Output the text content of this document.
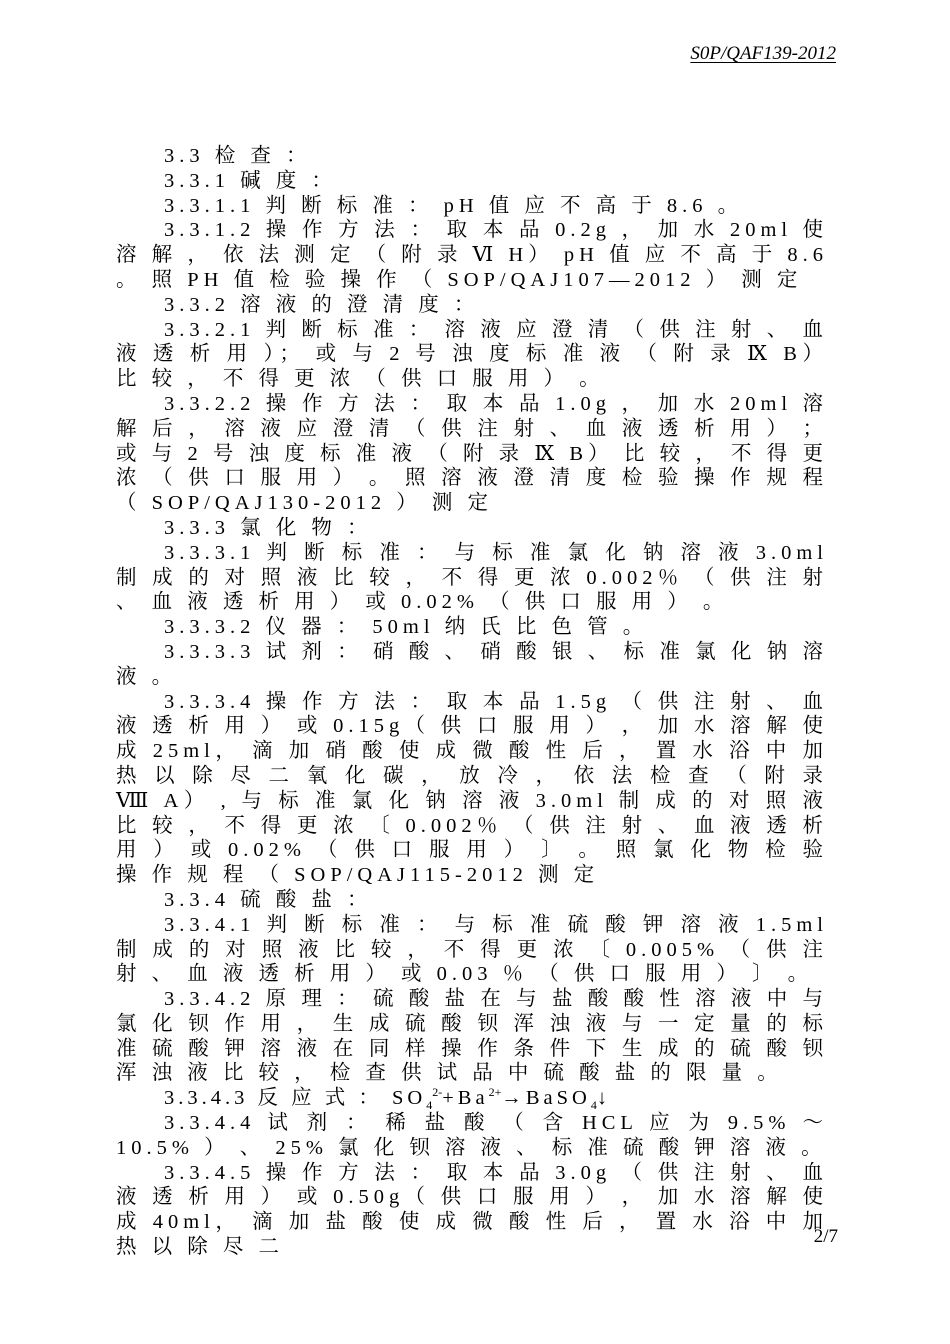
S0P/QAF139-2012

3.3 检 查 ：

3.3.1 碱 度 ：

3.3.1.1 判 断 标 准 ： pH 值 应 不 高 于 8.6 。

3.3.1.2 操 作 方 法 ： 取 本 品 0.2g ， 加 水 20ml 使 溶 解 ， 依 法 测 定 （ 附 录 Ⅵ H） pH 值 应 不 高 于 8.6 。 照 PH 值 检 验 操 作 （ SOP/QAJ107—2012 ） 测 定

3.3.2 溶 液 的 澄 清 度 ：

3.3.2.1 判 断 标 准 ： 溶 液 应 澄 清 （ 供 注 射 、 血 液 透 析 用 ）； 或 与 2 号 浊 度 标 准 液 （ 附 录 Ⅸ B） 比 较 ， 不 得 更 浓 （ 供 口 服 用 ） 。

3.3.2.2 操 作 方 法 ： 取 本 品 1.0g ， 加 水 20ml 溶 解 后 ， 溶 液 应 澄 清 （ 供 注 射 、 血 液 透 析 用 ） ； 或 与 2 号 浊 度 标 准 液 （ 附 录 Ⅸ B） 比 较 ， 不 得 更 浓 （ 供 口 服 用 ） 。 照 溶 液 澄 清 度 检 验 操 作 规 程 （ SOP/QAJ130-2012 ） 测 定

3.3.3 氯 化 物 ：

3.3.3.1 判 断 标 准 ： 与 标 准 氯 化 钠 溶 液 3.0ml 制 成 的 对 照 液 比 较 ， 不 得 更 浓 0.002％ （ 供 注 射 、 血 液 透 析 用 ） 或 0.02% （ 供 口 服 用 ） 。

3.3.3.2 仪 器 ： 50ml 纳 氏 比 色 管 。

3.3.3.3 试 剂 ： 硝 酸 、 硝 酸 银 、 标 准 氯 化 钠 溶 液 。

3.3.3.4 操 作 方 法 ： 取 本 品 1.5g （ 供 注 射 、 血 液 透 析 用 ） 或 0.15g（ 供 口 服 用 ） ， 加 水 溶 解 使 成 25ml， 滴 加 硝 酸 使 成 微 酸 性 后 ， 置 水 浴 中 加 热 以 除 尽 二 氧 化 碳 ， 放 冷 ， 依 法 检 查 （ 附 录 Ⅷ A） , 与 标 准 氯 化 钠 溶 液 3.0ml 制 成 的 对 照 液 比 较 ， 不 得 更 浓 〔 0.002％ （ 供 注 射 、 血 液 透 析 用 ） 或 0.02% （ 供 口 服 用 ） 〕 。 照 氯 化 物 检 验 操 作 规 程 （ SOP/QAJ115-2012 测 定

3.3.4 硫 酸 盐 ：

3.3.4.1 判 断 标 准 ： 与 标 准 硫 酸 钾 溶 液 1.5ml 制 成 的 对 照 液 比 较 ， 不 得 更 浓 〔 0.005% （ 供 注 射 、 血 液 透 析 用 ） 或 0.03 ％ （ 供 口 服 用 ） 〕 。

3.3.4.2 原 理 ： 硫 酸 盐 在 与 盐 酸 酸 性 溶 液 中 与 氯 化 钡 作 用 ， 生 成 硫 酸 钡 浑 浊 液 与 一 定 量 的 标 准 硫 酸 钾 溶 液 在 同 样 操 作 条 件 下 生 成 的 硫 酸 钡 浑 浊 液 比 较 ， 检 查 供 试 品 中 硫 酸 盐 的 限 量 。

3.3.4.3 反 应 式 ： $SO_4^{2-}+Ba^{2+}\to BaSO_4↓$

3.3.4.4 试 剂 ： 稀 盐 酸 （ 含 HCL 应 为 9.5% ～ 10.5% ） 、 25% 氯 化 钡 溶 液 、 标 准 硫 酸 钾 溶 液 。

3.3.4.5 操 作 方 法 ： 取 本 品 3.0g （ 供 注 射 、 血 液 透 析 用 ） 或 0.50g（ 供 口 服 用 ） ， 加 水 溶 解 使 成 40ml， 滴 加 盐 酸 使 成 微 酸 性 后 ， 置 水 浴 中 加 热 以 除 尽 二	2/7
